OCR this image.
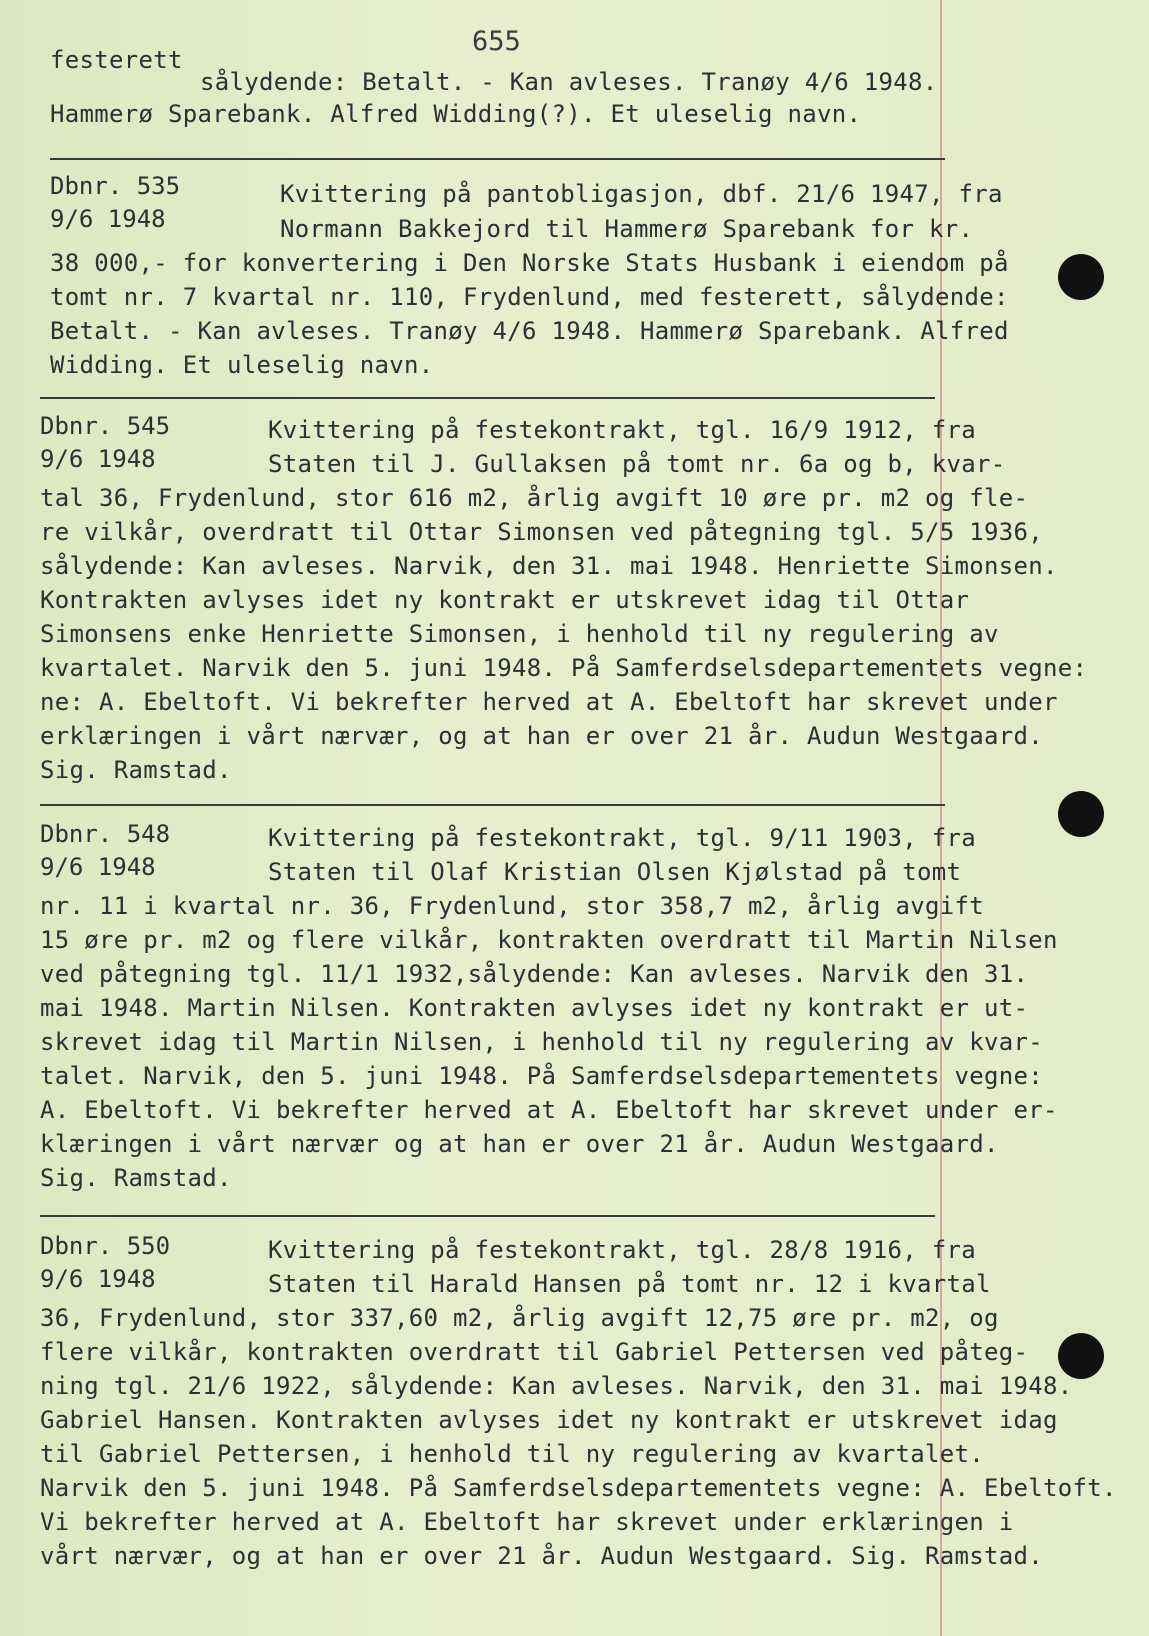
655
festerett
sålydende: Betalt. - Kan avleses. Tranøy 4/6 1948.
Hammerø Sparebank. Alfred Widding(?). Et uleselig navn.
Dbnr. 535
9/6 1948
Kvittering på pantobligasjon, dbf. 21/6 1947, fra
Normann Bakkejord til Hammerø Sparebank for kr.
38 000,- for konvertering i Den Norske Stats Husbank i eiendom på
tomt nr. 7 kvartal nr. 110, Frydenlund, med festerett, sålydende:
Betalt. - Kan avleses. Tranøy 4/6 1948. Hammerø Sparebank. Alfred
Widding. Et uleselig navn.
Dbnr. 545
9/6 1948
Kvittering på festekontrakt, tgl. 16/9 1912, fra
Staten til J. Gullaksen på tomt nr. 6a og b, kvar-
tal 36, Frydenlund, stor 616 m2, årlig avgift 10 øre pr. m2 og fle-
re vilkår, overdratt til Ottar Simonsen ved påtegning tgl. 5/5 1936,
sålydende: Kan avleses. Narvik, den 31. mai 1948. Henriette Simonsen.
Kontrakten avlyses idet ny kontrakt er utskrevet idag til Ottar
Simonsens enke Henriette Simonsen, i henhold til ny regulering av
kvartalet. Narvik den 5. juni 1948. På Samferdselsdepartementets vegne:
ne: A. Ebeltoft. Vi bekrefter herved at A. Ebeltoft har skrevet under
erklæringen i vårt nærvær, og at han er over 21 år. Audun Westgaard.
Sig. Ramstad.
Dbnr. 548
9/6 1948
Kvittering på festekontrakt, tgl. 9/11 1903, fra
Staten til Olaf Kristian Olsen Kjølstad på tomt
nr. 11 i kvartal nr. 36, Frydenlund, stor 358,7 m2, årlig avgift
15 øre pr. m2 og flere vilkår, kontrakten overdratt til Martin Nilsen
ved påtegning tgl. 11/1 1932,sålydende: Kan avleses. Narvik den 31.
mai 1948. Martin Nilsen. Kontrakten avlyses idet ny kontrakt er ut-
skrevet idag til Martin Nilsen, i henhold til ny regulering av kvar-
talet. Narvik, den 5. juni 1948. På Samferdselsdepartementets vegne:
A. Ebeltoft. Vi bekrefter herved at A. Ebeltoft har skrevet under er-
klæringen i vårt nærvær og at han er over 21 år. Audun Westgaard.
Sig. Ramstad.
Dbnr. 550
9/6 1948
Kvittering på festekontrakt, tgl. 28/8 1916, fra
Staten til Harald Hansen på tomt nr. 12 i kvartal
36, Frydenlund, stor 337,60 m2, årlig avgift 12,75 øre pr. m2, og
flere vilkår, kontrakten overdratt til Gabriel Pettersen ved påteg-
ning tgl. 21/6 1922, sålydende: Kan avleses. Narvik, den 31. mai 1948.
Gabriel Hansen. Kontrakten avlyses idet ny kontrakt er utskrevet idag
til Gabriel Pettersen, i henhold til ny regulering av kvartalet.
Narvik den 5. juni 1948. På Samferdselsdepartementets vegne: A. Ebeltoft.
Vi bekrefter herved at A. Ebeltoft har skrevet under erklæringen i
vårt nærvær, og at han er over 21 år. Audun Westgaard. Sig. Ramstad.
